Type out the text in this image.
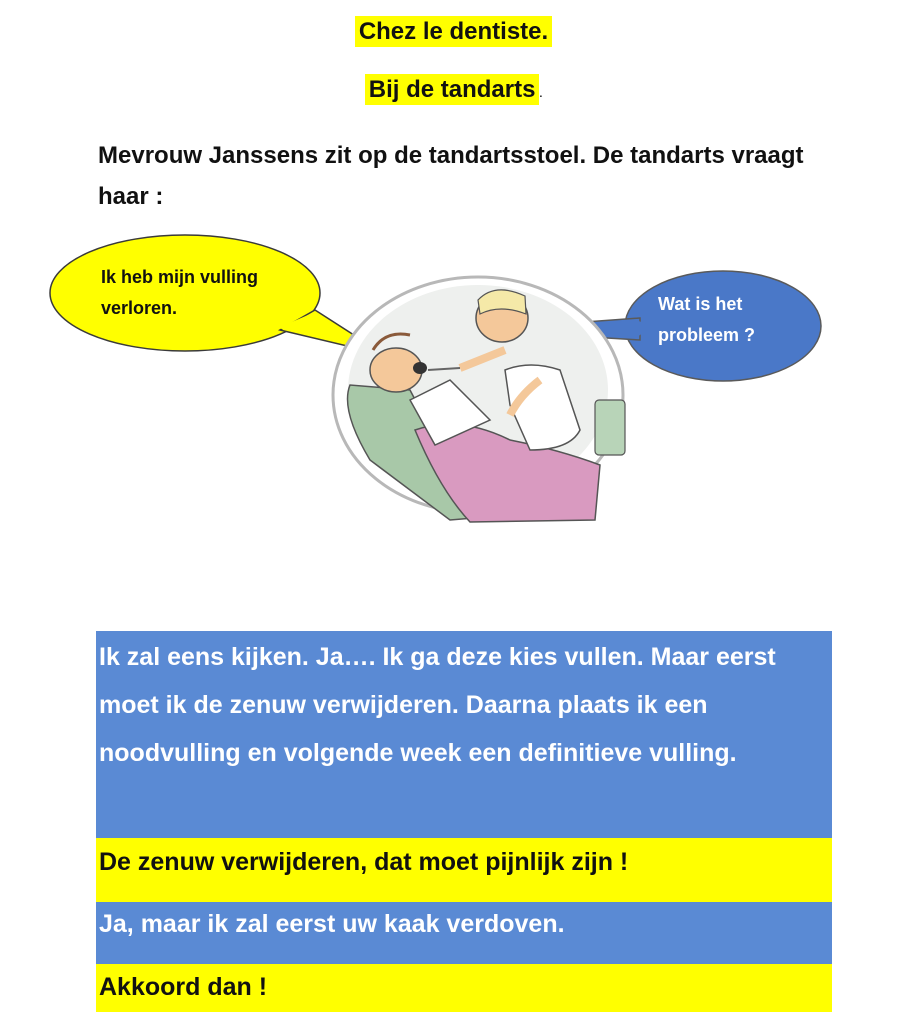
Chez le dentiste.
Bij de tandarts .
Mevrouw Janssens zit op de tandartsstoel. De tandarts vraagt haar :
Ik heb mijn vulling verloren.	Wat is het probleem ?
Ik zal eens kijken. Ja…. Ik ga deze kies vullen. Maar eerst moet ik de zenuw verwijderen. Daarna plaats ik een noodvulling en volgende week een definitieve vulling.
De zenuw verwijderen, dat moet pijnlijk zijn !
Ja, maar ik zal eerst uw kaak verdoven.
Akkoord dan !
